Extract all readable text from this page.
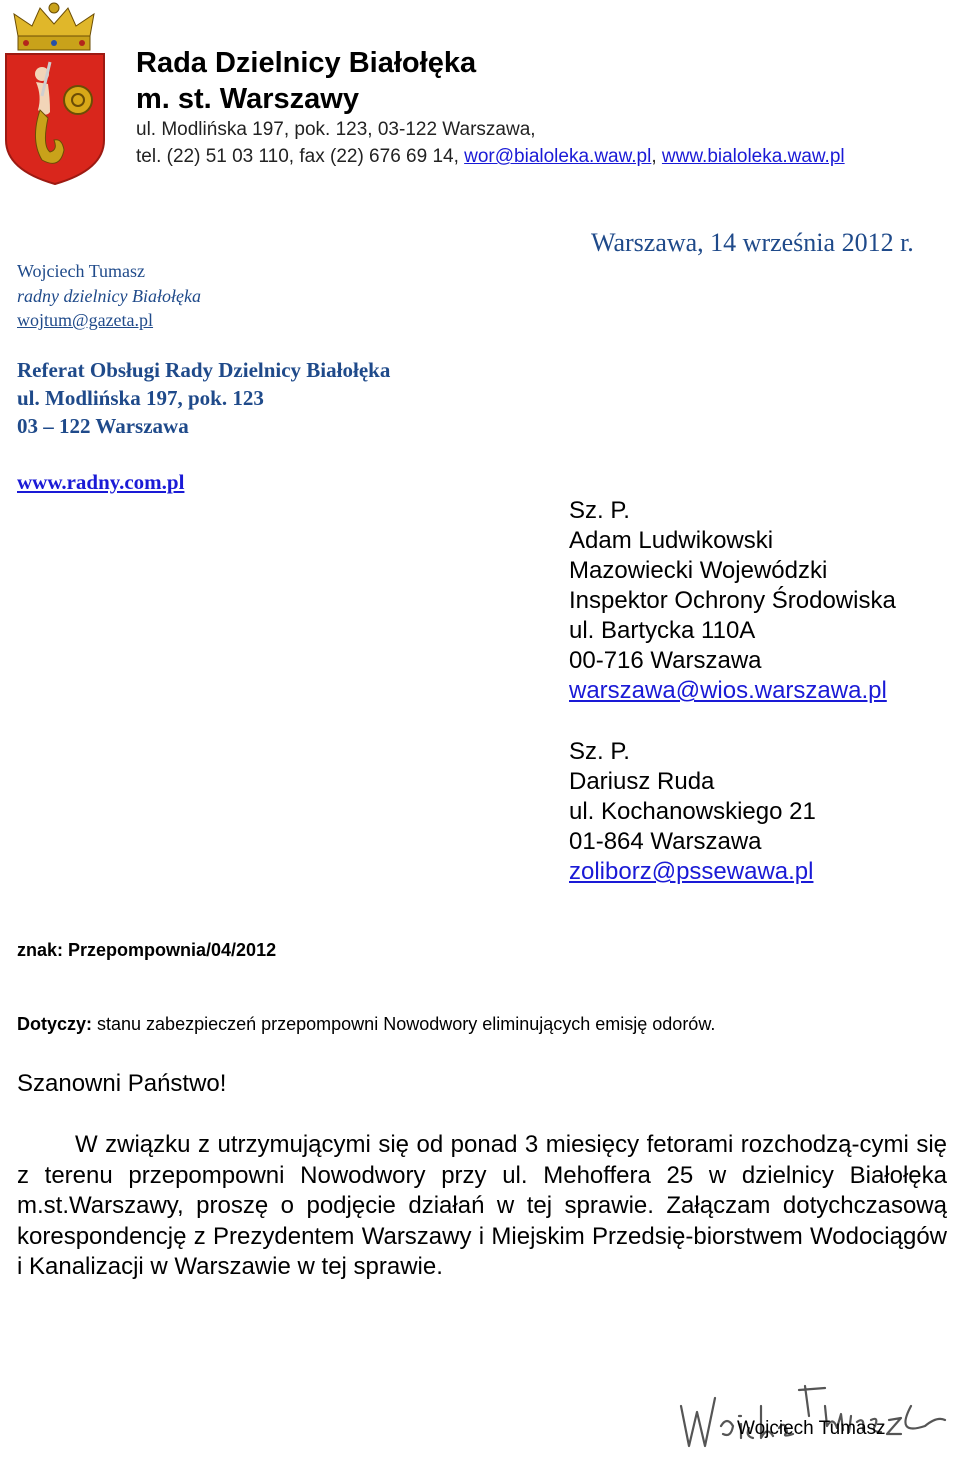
Rada Dzielnicy Białołęka
m. st. Warszawy
ul. Modlińska 197, pok. 123, 03-122 Warszawa,
tel. (22) 51 03 110, fax (22) 676 69 14, wor@bialoleka.waw.pl, www.bialoleka.waw.pl
Wojciech Tumasz
radny dzielnicy Białołęka
wojtum@gazeta.pl
Warszawa, 14 września 2012 r.
Referat Obsługi Rady Dzielnicy Białołęka
ul. Modlińska 197, pok. 123
03 – 122 Warszawa
www.radny.com.pl
Sz. P.
Adam Ludwikowski
Mazowiecki Wojewódzki
Inspektor Ochrony Środowiska
ul. Bartycka 110A
00-716 Warszawa
warszawa@wios.warszawa.pl
Sz. P.
Dariusz Ruda
ul. Kochanowskiego 21
01-864 Warszawa
zoliborz@pssewawa.pl
znak: Przepompownia/04/2012
Dotyczy: stanu zabezpieczeń przepompowni Nowodwory eliminujących emisję odorów.
Szanowni Państwo!
W związku z utrzymującymi się od ponad 3 miesięcy fetorami rozchodzą-cymi się z terenu przepompowni Nowodwory przy ul. Mehoffera 25 w dzielnicy Białołęka m.st.Warszawy, proszę o podjęcie działań w tej sprawie. Załączam dotychczasową korespondencję z Prezydentem Warszawy i Miejskim Przedsię-biorstwem Wodociągów i Kanalizacji w Warszawie w tej sprawie.
Wojciech Tumasz
